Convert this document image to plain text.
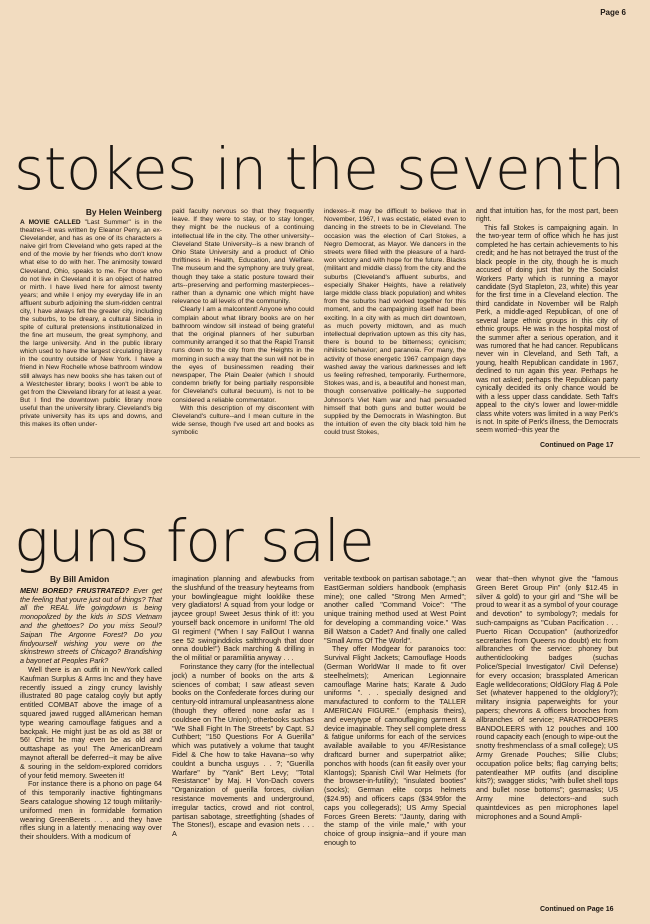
Page 6
stokes in the seventh
By Helen Weinberg

A MOVIE CALLED "Last Summer" is in the theatres--it was written by Eleanor Perry, an ex-Clevelander, and has as one of its characters a naive girl from Cleveland who gets raped at the end of the movie by her friends who don't know what else to do with her. The animosity toward Cleveland, Ohio, speaks to me. For those who do not live in Cleveland it is an object of hatred or mirth. I have lived here for almost twenty years; and while I enjoy my everyday life in an affluent suburb adjoining the slum-ridden central city, I have always felt the greater city, including the suburbs, to be dreary, a cultural Siberia in spite of cultural pretensions institutionalized in the fine art museum, the great symphony, and the large university. And in the public library which used to have the largest circulating library in the country outside of New York. I have a friend in New Rochelle whose bathroom window still always has new books she has taken out of a Westchester library; books I won't be able to get from the Cleveland library for at least a year. But I find the downtown public library more useful than the university library. Cleveland's big private university has its ups and downs, and this makes its often under-

paid faculty nervous so that they frequently leave. If they were to stay, or to stay longer, they might be the nucleus of a continuing intellectual life in the city. The other university--Cleveland State University--is a new branch of Ohio State University and a product of Ohio thriftiness in Health, Education, and Welfare. The museum and the symphony are truly great, though they take a static posture toward their arts--preserving and performing masterpieces--rather than a dynamic one which might have relevance to all levels of the community.

Clearly I am a malcontent! Anyone who could complain about what library books are on her bathroom window sill instead of being grateful that the original planners of her suburban community arranged it so that the Rapid Transit runs down to the city from the Heights in the morning in such a way that the sun will not be in the eyes of businessmen reading their newspaper, The Plain Dealer (which I should condemn briefly for being partially responsible for Cleveland's cultural becuum), is not to be considered a reliable commentator.

With this description of my discontent with Cleveland's culture--and I mean culture in the wide sense, though I've used art and books as symbolic

indexes--it may be difficult to believe that in November, 1967, I was ecstatic, elated even to dancing in the streets to be in Cleveland. The occasion was the election of Carl Stokes, a Negro Democrat, as Mayor. We dancers in the streets were filled with the pleasure of a hard-won victory and with hope for the future. Blacks (militant and middle class) from the city and the suburbs (Cleveland's affluent suburbs, and especially Shaker Heights, have a relatively large middle class black population) and whites from the suburbs had worked together for this moment, and the campaigning itself had been exciting. In a city with as much dirt downtown, as much poverty midtown, and as much intellectual deprivation uptown as this city has, there is bound to be bitterness; cynicism; nihilistic behavior; and paranoia. For many, the activity of those energetic 1967 campaign days washed away the various darknesses and left us feeling refreshed, temporarily. Furthermore, Stokes was, and is, a beautiful and honest man, though conservative politically--he supported Johnson's Viet Nam war and had persuaded himself that both guns and butter would be supplied by the Democrats in Washington. But the intuition of even the city black told him he could trust Stokes,

and that intuition has, for the most part, been right.

This fall Stokes is campaigning again. In the two-year term of office which he has just completed he has certain achievements to his credit; and he has not betrayed the trust of the black people in the city, though he is much accused of doing just that by the Socialist Workers Party which is running a mayor candidate (Syd Stapleton, 23, white) this year for the first time in a Cleveland election. The third candidate in November will be Ralph Perk, a middle-aged Republican, of one of several large ethnic groups in this city of ethnic groups. He was in the hospital most of the summer after a serious operation, and it was rumored that he had cancer. Republicans never win in Cleveland, and Seth Taft, a young, health Republican candidate in 1967, declined to run again this year. Perhaps he was not asked; perhaps the Republican party cynically decided its only chance would be with a less upper class candidate. Seth Taft's appeal to the city's lower and lower-middle class white voters was limited in a way Perk's is not. In spite of Perk's illness, the Democrats seem worried--this year the

Continued on Page 17
guns for sale
By Bill Amidon

MEN! BORED? FRUSTRATED? Ever get the feeling that youre just out of things? That all the REAL life goingdown is being monopolized by the kids in SDS Vietnam and the ghettoes? Do you miss Seoul? Saipan The Argonne Forest? Do you findyourself wishing you were on the skinstrewn streets of Chicago? Brandishing a bayonet at Peoples Park?

Well there is an outfit in NewYork called Kaufman Surplus & Arms Inc and they have recently issued a zingy cruncy lavishly illustrated 80 page catalog coyly but aptly entitled COMBAT above the image of a squared jawed rugged allAmerican heman type wearing camouflage fatigues and a backpak. He might just be as old as 38! or 56! Christ he may even be as old and outtashape as you! The AmericanDream maynot afterall be deferred--it may be alive & souring in the seldom-explored corridors of your fetid memory. Sweeten it!

For instance there is a phono on page 64 of this temporarily inactive fightingmans Sears catalogue showing 12 tough militarily-uniformed men in formidable formation wearing GreenBerets . . . and they have rifles slung in a latently menacing way over their shoulders. With a modicum of

imagination planning and afewbucks from the slushfund of the treasury heyteams from your bowlingleague might looklike these very gladiators! A squad from your lodge or jaycee group! Sweet Jesus think of it!: you yourself back oncemore in uniform! The old GI regimen! ("When I say FallOut I wanna see 52 swinginddicks saltthrough that door onna double!") Back marching & drilling in the ol militia! or paramilitia anyway . . .

Forinstance they carry (for the intellectual jock) a number of books on the arts & sciences of combat; I saw atleast seven books on the Confederate forces during our century-old intramural unpleasantness alone (though they offered none asfar as I couldsee on The Union); otherbooks suchas "We Shall Fight In The Streets" by Capt. SJ Cuthbert; "150 Questions For A Guerilla" which was putatively a volume that taught Fidel & Che how to take Havana--so why couldnt a buncha usguys . . ?; "Guerilla Warfare" by "Yank" Bert Levy; "Total Resistance" by Maj. H Von-Dach covers "Organization of guerilla forces, civilian resistance movements and underground, irregular tactics, crowd and riot control, partisan sabotage, streetfighting (shades of The Stones!), escape and evasion nets . . . A

veritable textbook on partisan sabotage."; an EastGerman soldiers handbook (emphasis mine); one called "Strong Men Armed"; another called "Command Voice": "The unique training method used at West Point for developing a commanding voice." Was Bill Watson a Cadet? And finally one called "Small Arms Of The World".

They offer Modgear for paranoics too: Survival Flight Jackets; Camouflage Hoods (German WorldWar II made to fit over steelhelmets); American Legionnaire camouflage Marine hats; Karate & Judo uniforms ". . . specially designed and manufactured to conform to the TALLER AMERICAN FIGURE." (emphasis theirs), and everytype of camouflaging garment & device imaginable. They sell complete dress & fatigue uniforms for each of the services available available to you 4F/Resistance draftcard burner and superpatriot alike; ponchos with hoods (can fit easily over your Klantogs); Spanish Civil War Helmets (for the browser-in-futility); "insulated booties" (socks); German elite corps helmets ($24.95) and officers caps ($34.95for the caps you collegerads); US Army Special Forces Green Berets: "Jaunty, daring with the stamp of the virile male," with your choice of group insignia--and if youre man enough to

wear that--then whynot give the "famous Green Beret Group Pin" (only $12.45 in silver & gold) to your girl and "She will be proud to wear it as a symbol of your courage and devotion" to symbology?; medals for such-campaigns as "Cuban Pacification . . . Puerto Rican Occupation" (authorizedfor secretaries from Queens no doubt) etc from allbranches of the service: phoney but authenticlooking badges (suchas Police/Special Investigator/ Civil Defense) for every occasion; brassplated American Eagle welldecorations; OldGlory Flag & Pole Set (whatever happened to the oldglory?); military insignia paperweights for your papers; chevrons & officers brooches from allbranches of service; PARATROOPERS BANDOLEERS with 12 pouches and 100 round capacity each (enough to wipe-out the snotty freshmenclass of a small college); US Army Grenade Pouches; Sillie Clubs; occupation police belts; flag carrying belts; patentleather MP outfits (and discipline kits?); swagger sticks; "with bullet shell tops and bullet nose bottoms"; gasmasks; US Army mine detectors--and such quaintdevices as pen microphones lapel microphones and a Sound Ampli-

Continued on Page 16
